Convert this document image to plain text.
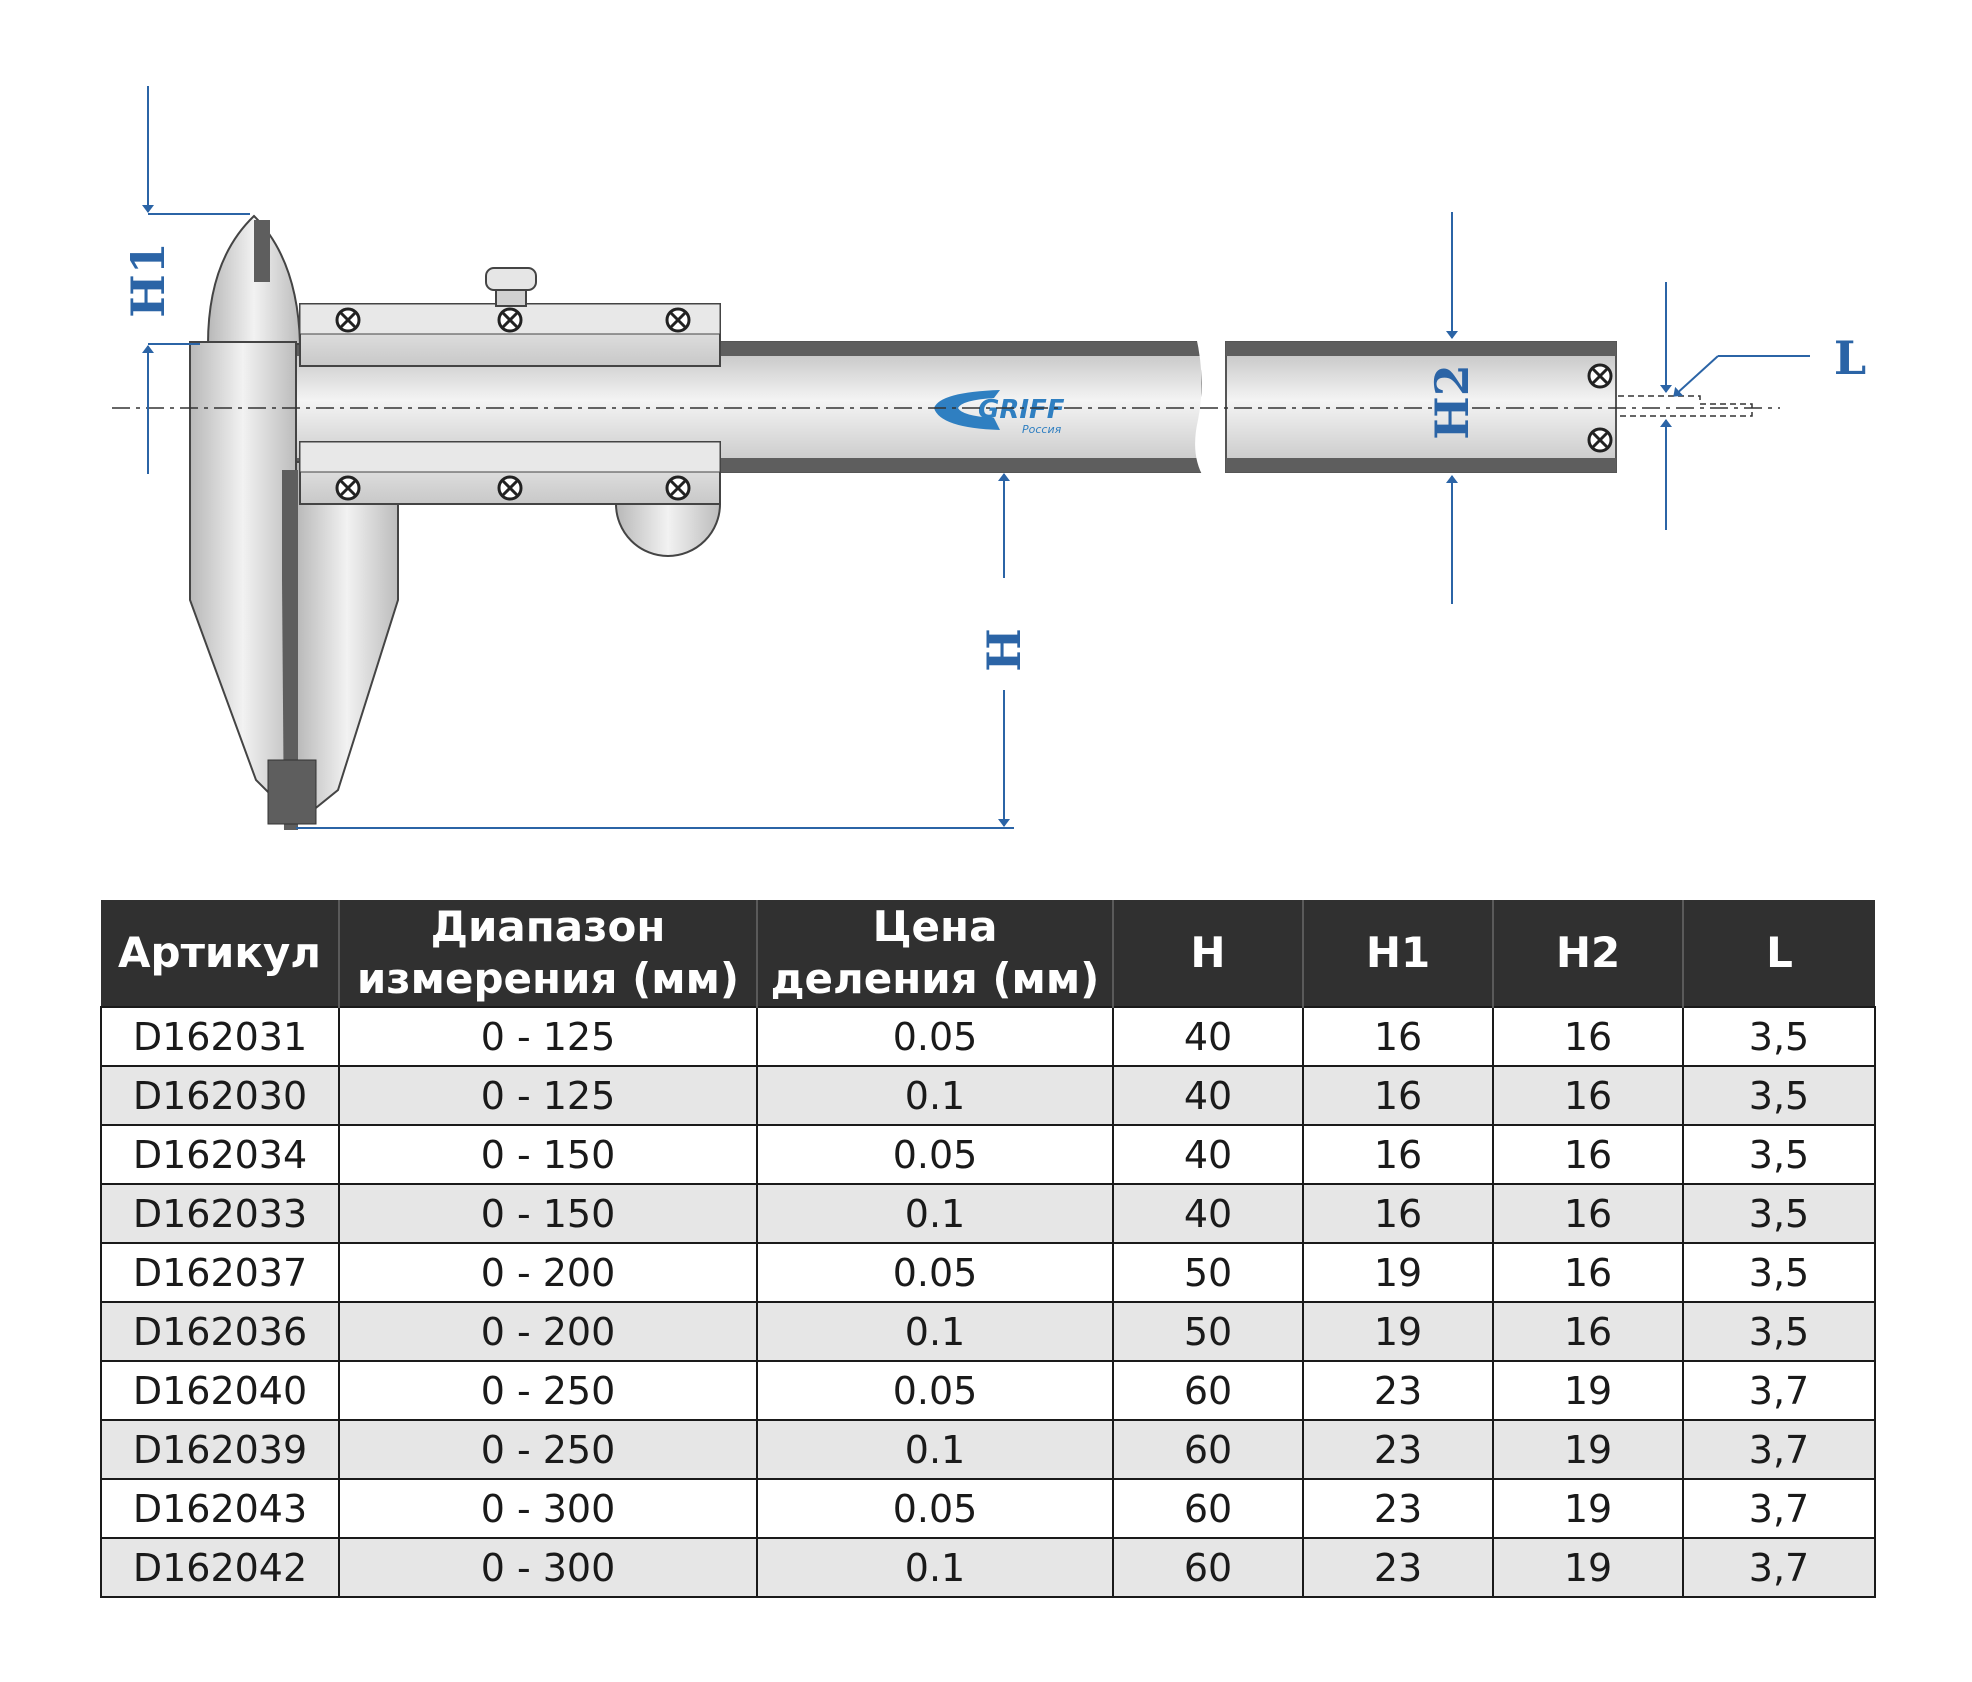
GRIFF
Россия
H1
H
H2
L
Артикул	Диапазон измерения (мм)	Цена деления (мм)	H	H1	H2	L
D162031	0 - 125	0.05	40	16	16	3,5
D162030	0 - 125	0.1	40	16	16	3,5
D162034	0 - 150	0.05	40	16	16	3,5
D162033	0 - 150	0.1	40	16	16	3,5
D162037	0 - 200	0.05	50	19	16	3,5
D162036	0 - 200	0.1	50	19	16	3,5
D162040	0 - 250	0.05	60	23	19	3,7
D162039	0 - 250	0.1	60	23	19	3,7
D162043	0 - 300	0.05	60	23	19	3,7
D162042	0 - 300	0.1	60	23	19	3,7
